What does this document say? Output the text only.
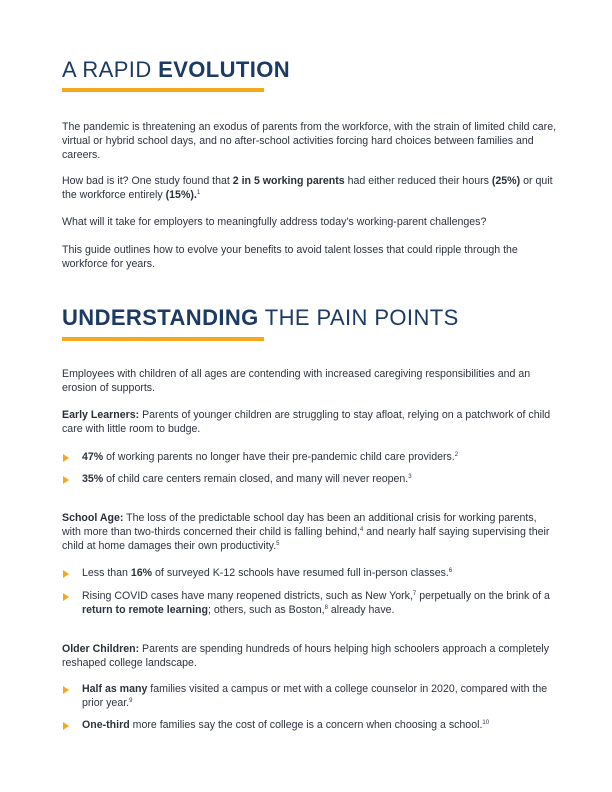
A RAPID EVOLUTION

The pandemic is threatening an exodus of parents from the workforce, with the strain of limited child care, virtual or hybrid school days, and no after-school activities forcing hard choices between families and careers.

How bad is it? One study found that 2 in 5 working parents had either reduced their hours (25%) or quit the workforce entirely (15%).$^1$

What will it take for employers to meaningfully address today’s working-parent challenges?

This guide outlines how to evolve your benefits to avoid talent losses that could ripple through the workforce for years.

UNDERSTANDING THE PAIN POINTS

Employees with children of all ages are contending with increased caregiving responsibilities and an erosion of supports.

Early Learners: Parents of younger children are struggling to stay afloat, relying on a patchwork of child care with little room to budge.

47% of working parents no longer have their pre-pandemic child care providers.$^2$
35% of child care centers remain closed, and many will never reopen.$^3$

School Age: The loss of the predictable school day has been an additional crisis for working parents, with more than two-thirds concerned their child is falling behind,$^4$ and nearly half saying supervising their child at home damages their own productivity.$^5$

Less than 16% of surveyed K-12 schools have resumed full in-person classes.$^6$
Rising COVID cases have many reopened districts, such as New York,$^7$ perpetually on the brink of a return to remote learning; others, such as Boston,$^8$ already have.

Older Children: Parents are spending hundreds of hours helping high schoolers approach a completely reshaped college landscape.

Half as many families visited a campus or met with a college counselor in 2020, compared with the prior year.$^9$
One-third more families say the cost of college is a concern when choosing a school.$^{10}$
